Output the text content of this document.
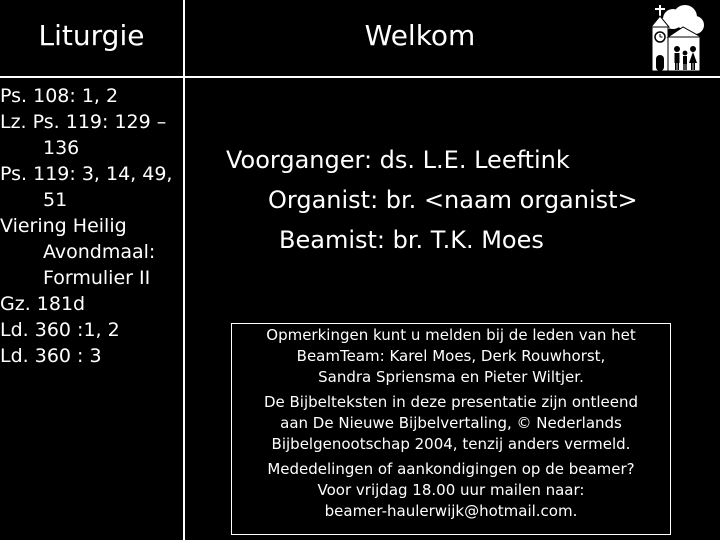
Liturgie	Welkom
Ps. 108: 1, 2
Lz. Ps. 119: 129 –136
Ps. 119: 3, 14, 49, 51
Viering Heilig Avondmaal: Formulier II
Gz. 181d
Ld. 360 :1, 2
Ld. 360 : 3
Voorganger: ds. L.E. Leeftink
Organist: br. <naam organist>
Beamist: br. T.K. Moes

Opmerkingen kunt u melden bij de leden van het
BeamTeam: Karel Moes, Derk Rouwhorst,
Sandra Spriensma en Pieter Wiltjer.

De Bijbelteksten in deze presentatie zijn ontleend
aan De Nieuwe Bijbelvertaling, © Nederlands
Bijbelgenootschap 2004, tenzij anders vermeld.

Mededelingen of aankondigingen op de beamer?
Voor vrijdag 18.00 uur mailen naar:
beamer-haulerwijk@hotmail.com.
